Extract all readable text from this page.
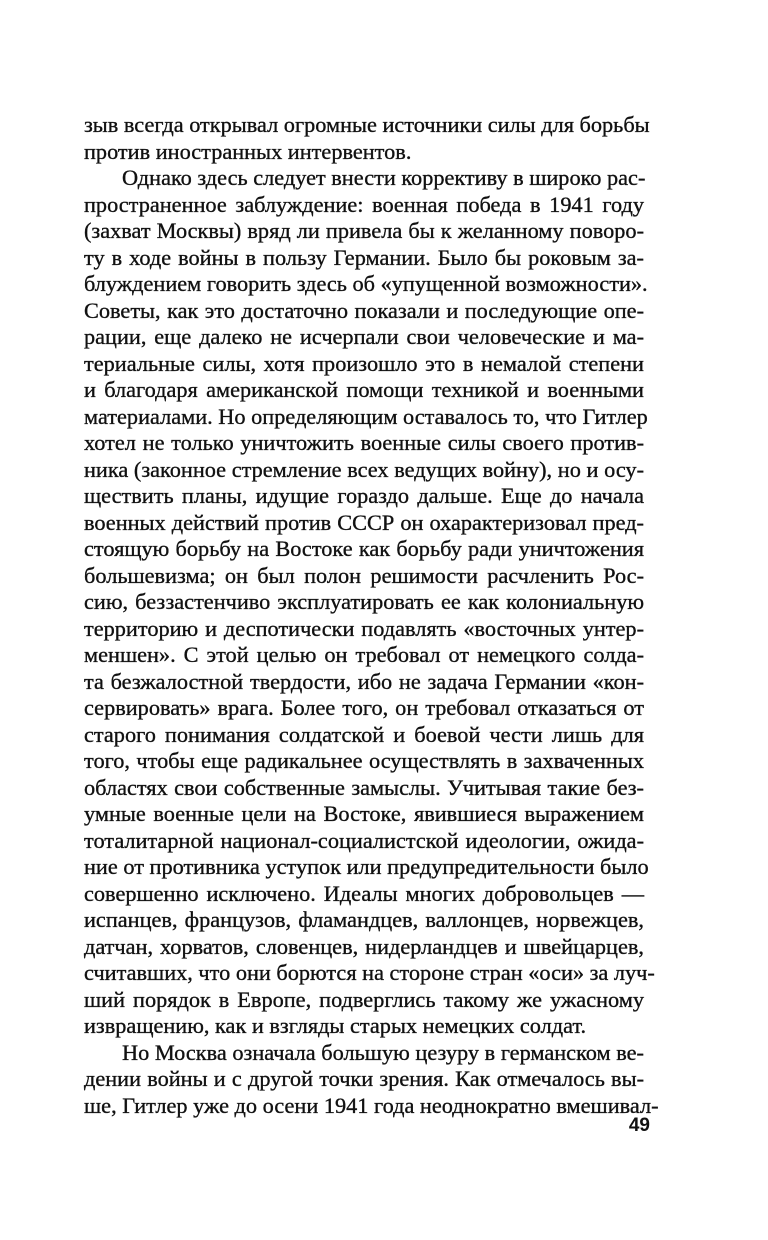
зыв всегда открывал огромные источники силы для борьбы
против иностранных интервентов.
Однако здесь следует внести коррективу в широко рас-
пространенное заблуждение: военная победа в 1941 году
(захват Москвы) вряд ли привела бы к желанному поворо-
ту в ходе войны в пользу Германии. Было бы роковым за-
блуждением говорить здесь об «упущенной возможности».
Советы, как это достаточно показали и последующие опе-
рации, еще далеко не исчерпали свои человеческие и ма-
териальные силы, хотя произошло это в немалой степени
и благодаря американской помощи техникой и военными
материалами. Но определяющим оставалось то, что Гитлер
хотел не только уничтожить военные силы своего против-
ника (законное стремление всех ведущих войну), но и осу-
ществить планы, идущие гораздо дальше. Еще до начала
военных действий против СССР он охарактеризовал пред-
стоящую борьбу на Востоке как борьбу ради уничтожения
большевизма; он был полон решимости расчленить Рос-
сию, беззастенчиво эксплуатировать ее как колониальную
территорию и деспотически подавлять «восточных унтер-
меншен». С этой целью он требовал от немецкого солда-
та безжалостной твердости, ибо не задача Германии «кон-
сервировать» врага. Более того, он требовал отказаться от
старого понимания солдатской и боевой чести лишь для
того, чтобы еще радикальнее осуществлять в захваченных
областях свои собственные замыслы. Учитывая такие без-
умные военные цели на Востоке, явившиеся выражением
тоталитарной национал-социалистской идеологии, ожида-
ние от противника уступок или предупредительности было
совершенно исключено. Идеалы многих добровольцев —
испанцев, французов, фламандцев, валлонцев, норвежцев,
датчан, хорватов, словенцев, нидерландцев и швейцарцев,
считавших, что они борются на стороне стран «оси» за луч-
ший порядок в Европе, подверглись такому же ужасному
извращению, как и взгляды старых немецких солдат.
Но Москва означала большую цезуру в германском ве-
дении войны и с другой точки зрения. Как отмечалось вы-
ше, Гитлер уже до осени 1941 года неоднократно вмешивал-
49
